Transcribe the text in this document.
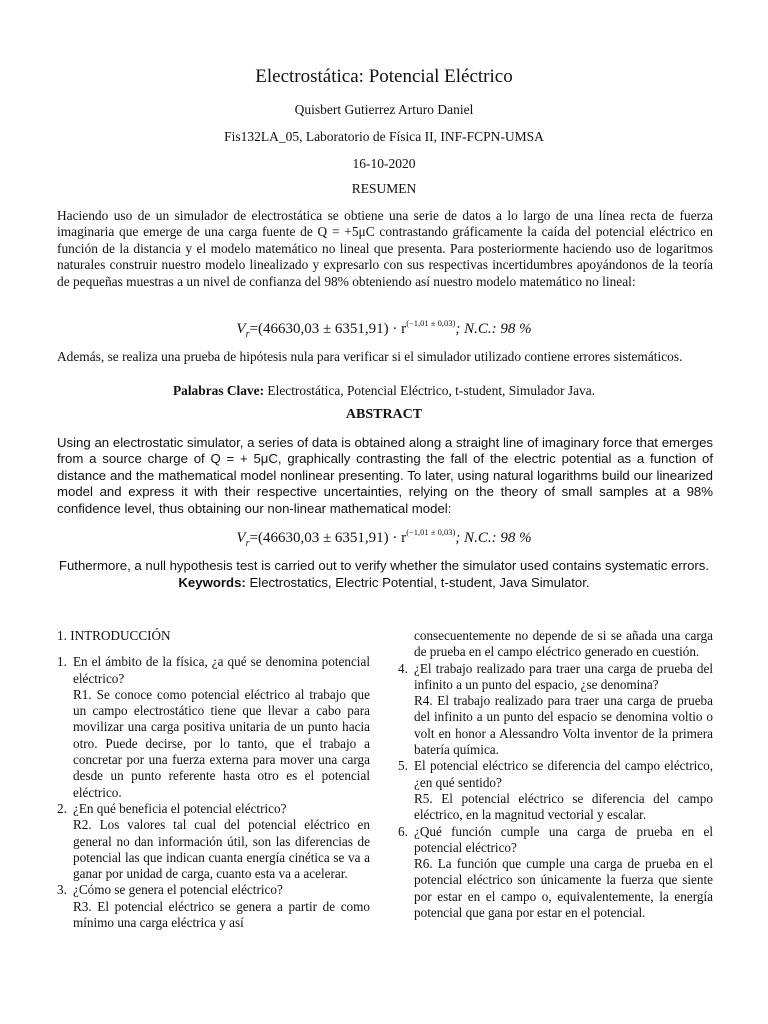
Electrostática: Potencial Eléctrico
Quisbert Gutierrez Arturo Daniel
Fis132LA_05, Laboratorio de Física II, INF-FCPN-UMSA
16-10-2020
RESUMEN
Haciendo uso de un simulador de electrostática se obtiene una serie de datos a lo largo de una línea recta de fuerza imaginaria que emerge de una carga fuente de Q = +5μC contrastando gráficamente la caída del potencial eléctrico en función de la distancia y el modelo matemático no lineal que presenta. Para posteriormente haciendo uso de logaritmos naturales construir nuestro modelo linealizado y expresarlo con sus respectivas incertidumbres apoyándonos de la teoría de pequeñas muestras a un nivel de confianza del 98% obteniendo así nuestro modelo matemático no lineal:
$V_r=(46630,03 \pm 6351,91) \cdot r^{(-1,01 \pm 0,03)}$; N.C.: 98 %
Además, se realiza una prueba de hipótesis nula para verificar si el simulador utilizado contiene errores sistemáticos.
Palabras Clave: Electrostática, Potencial Eléctrico, t-student, Simulador Java.
ABSTRACT
Using an electrostatic simulator, a series of data is obtained along a straight line of imaginary force that emerges from a source charge of Q = + 5μC, graphically contrasting the fall of the electric potential as a function of distance and the mathematical model nonlinear presenting. To later, using natural logarithms build our linearized model and express it with their respective uncertainties, relying on the theory of small samples at a 98% confidence level, thus obtaining our non-linear mathematical model:
$V_r=(46630,03 \pm 6351,91) \cdot r^{(-1,01 \pm 0,03)}$; N.C.: 98 %
Futhermore, a null hypothesis test is carried out to verify whether the simulator used contains systematic errors.
Keywords: Electrostatics, Electric Potential, t-student, Java Simulator.
1. INTRODUCCIÓN
1. En el ámbito de la física, ¿a qué se denomina potencial eléctrico?
R1. Se conoce como potencial eléctrico al trabajo que un campo electrostático tiene que llevar a cabo para movilizar una carga positiva unitaria de un punto hacia otro. Puede decirse, por lo tanto, que el trabajo a concretar por una fuerza externa para mover una carga desde un punto referente hasta otro es el potencial eléctrico.
2. ¿En qué beneficia el potencial eléctrico?
R2. Los valores tal cual del potencial eléctrico en general no dan información útil, son las diferencias de potencial las que indican cuanta energía cinética se va a ganar por unidad de carga, cuanto esta va a acelerar.
3. ¿Cómo se genera el potencial eléctrico?
R3. El potencial eléctrico se genera a partir de como mínimo una carga eléctrica y así
consecuentemente no depende de si se añada una carga de prueba en el campo eléctrico generado en cuestión.
4. ¿El trabajo realizado para traer una carga de prueba del infinito a un punto del espacio, ¿se denomina?
R4. El trabajo realizado para traer una carga de prueba del infinito a un punto del espacio se denomina voltio o volt en honor a Alessandro Volta inventor de la primera batería química.
5. El potencial eléctrico se diferencia del campo eléctrico, ¿en qué sentido?
R5. El potencial eléctrico se diferencia del campo eléctrico, en la magnitud vectorial y escalar.
6. ¿Qué función cumple una carga de prueba en el potencial eléctrico?
R6. La función que cumple una carga de prueba en el potencial eléctrico son únicamente la fuerza que siente por estar en el campo o, equivalentemente, la energía potencial que gana por estar en el potencial.
